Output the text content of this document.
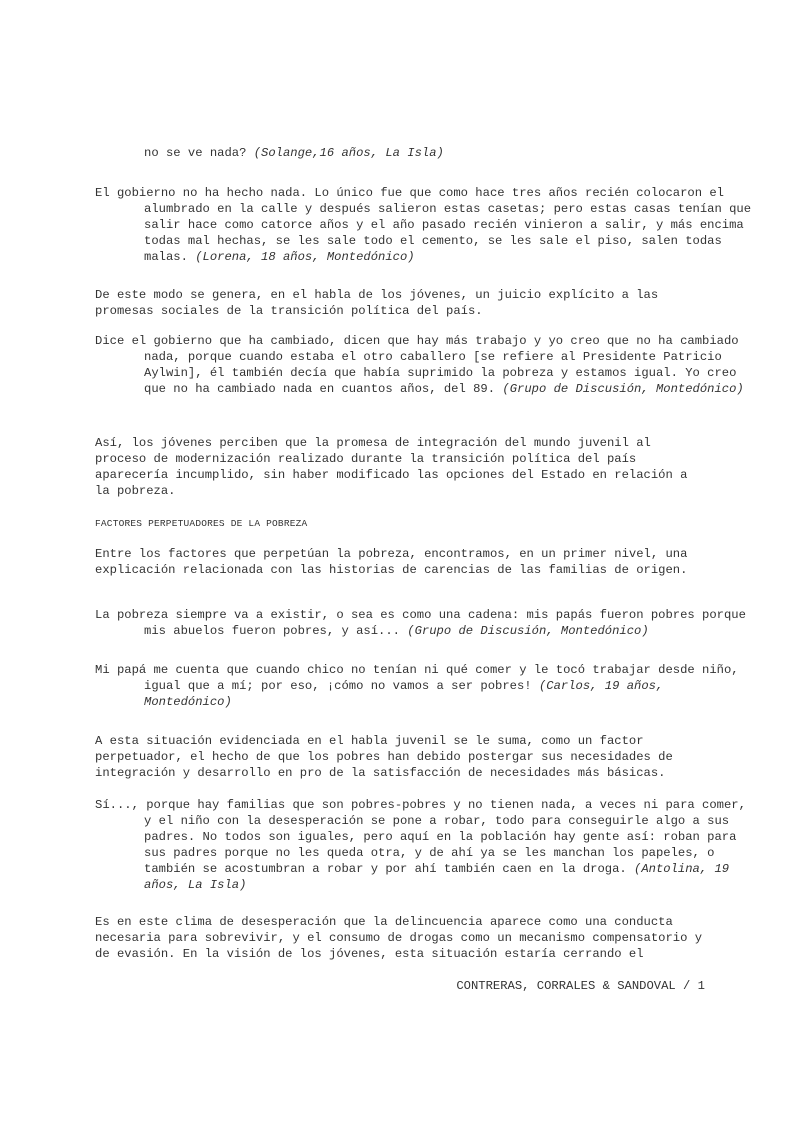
no se ve nada? (Solange,16 años, La Isla)
El gobierno no ha hecho nada. Lo único fue que como hace tres años recién colocaron el alumbrado en la calle y después salieron estas casetas; pero estas casas tenían que salir hace como catorce años y el año pasado recién vinieron a salir, y más encima todas mal hechas, se les sale todo el cemento, se les sale el piso, salen todas malas. (Lorena, 18 años, Montedónico)

De este modo se genera, en el habla de los jóvenes, un juicio explícito a las promesas sociales de la transición política del país.

Dice el gobierno que ha cambiado, dicen que hay más trabajo y yo creo que no ha cambiado nada, porque cuando estaba el otro caballero [se refiere al Presidente Patricio Aylwin], él también decía que había suprimido la pobreza y estamos igual. Yo creo que no ha cambiado nada en cuantos años, del 89. (Grupo de Discusión, Montedónico)

Así, los jóvenes perciben que la promesa de integración del mundo juvenil al proceso de modernización realizado durante la transición política del país aparecería incumplido, sin haber modificado las opciones del Estado en relación a la pobreza.

FACTORES PERPETUADORES DE LA POBREZA

Entre los factores que perpetúan la pobreza, encontramos, en un primer nivel, una explicación relacionada con las historias de carencias de las familias de origen.

La pobreza siempre va a existir, o sea es como una cadena: mis papás fueron pobres porque mis abuelos fueron pobres, y así... (Grupo de Discusión, Montedónico)
Mi papá me cuenta que cuando chico no tenían ni qué comer y le tocó trabajar desde niño, igual que a mí; por eso, ¡cómo no vamos a ser pobres! (Carlos, 19 años, Montedónico)

A esta situación evidenciada en el habla juvenil se le suma, como un factor perpetuador, el hecho de que los pobres han debido postergar sus necesidades de integración y desarrollo en pro de la satisfacción de necesidades más básicas.

Sí..., porque hay familias que son pobres-pobres y no tienen nada, a veces ni para comer, y el niño con la desesperación se pone a robar, todo para conseguirle algo a sus padres. No todos son iguales, pero aquí en la población hay gente así: roban para sus padres porque no les queda otra, y de ahí ya se les manchan los papeles, o también se acostumbran a robar y por ahí también caen en la droga. (Antolina, 19 años, La Isla)

Es en este clima de desesperación que la delincuencia aparece como una conducta necesaria para sobrevivir, y el consumo de drogas como un mecanismo compensatorio y de evasión. En la visión de los jóvenes, esta situación estaría cerrando el

CONTRERAS, CORRALES & SANDOVAL / 1
